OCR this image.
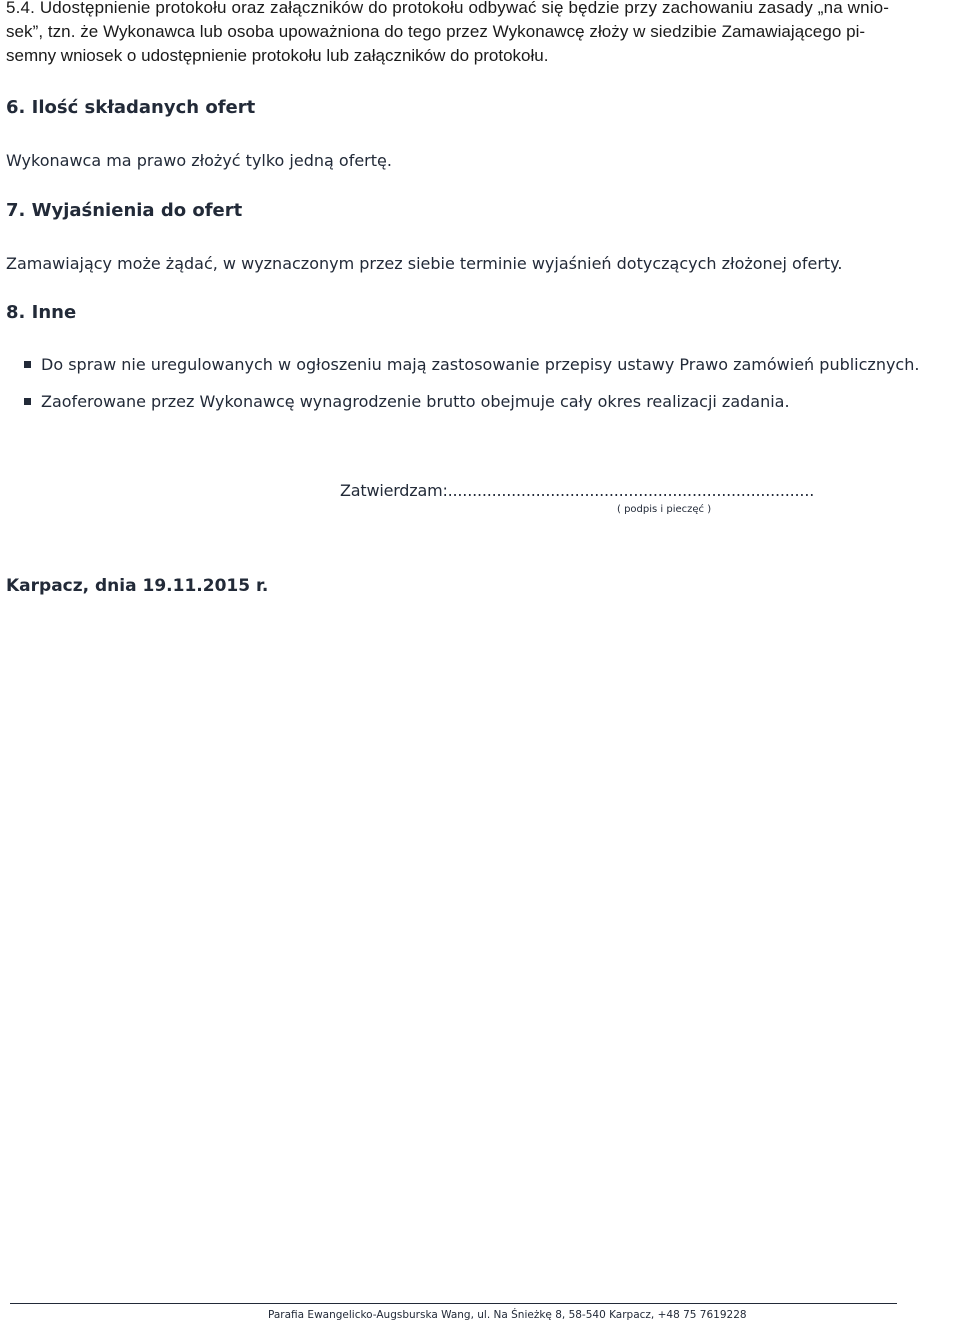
5.4. Udostępnienie protokołu oraz załączników do protokołu odbywać się będzie przy zachowaniu zasady „na wnio-
sek”, tzn. że Wykonawca lub osoba upoważniona do tego przez Wykonawcę złoży w siedzibie Zamawiającego pi-
semny wniosek o udostępnienie protokołu lub załączników do protokołu.
6. Ilość składanych ofert
Wykonawca ma prawo złożyć tylko jedną ofertę.
7. Wyjaśnienia do ofert
Zamawiający może żądać, w wyznaczonym przez siebie terminie wyjaśnień dotyczących złożonej oferty.
8. Inne
Do spraw nie uregulowanych w ogłoszeniu mają zastosowanie przepisy ustawy Prawo zamówień publicznych.
Zaoferowane przez Wykonawcę wynagrodzenie brutto obejmuje cały okres realizacji zadania.
Zatwierdzam:...........................................................................
( podpis i pieczęć )
Karpacz, dnia 19.11.2015 r.
Parafia Ewangelicko-Augsburska Wang, ul. Na Śnieżkę 8, 58-540 Karpacz, +48 75 7619228
